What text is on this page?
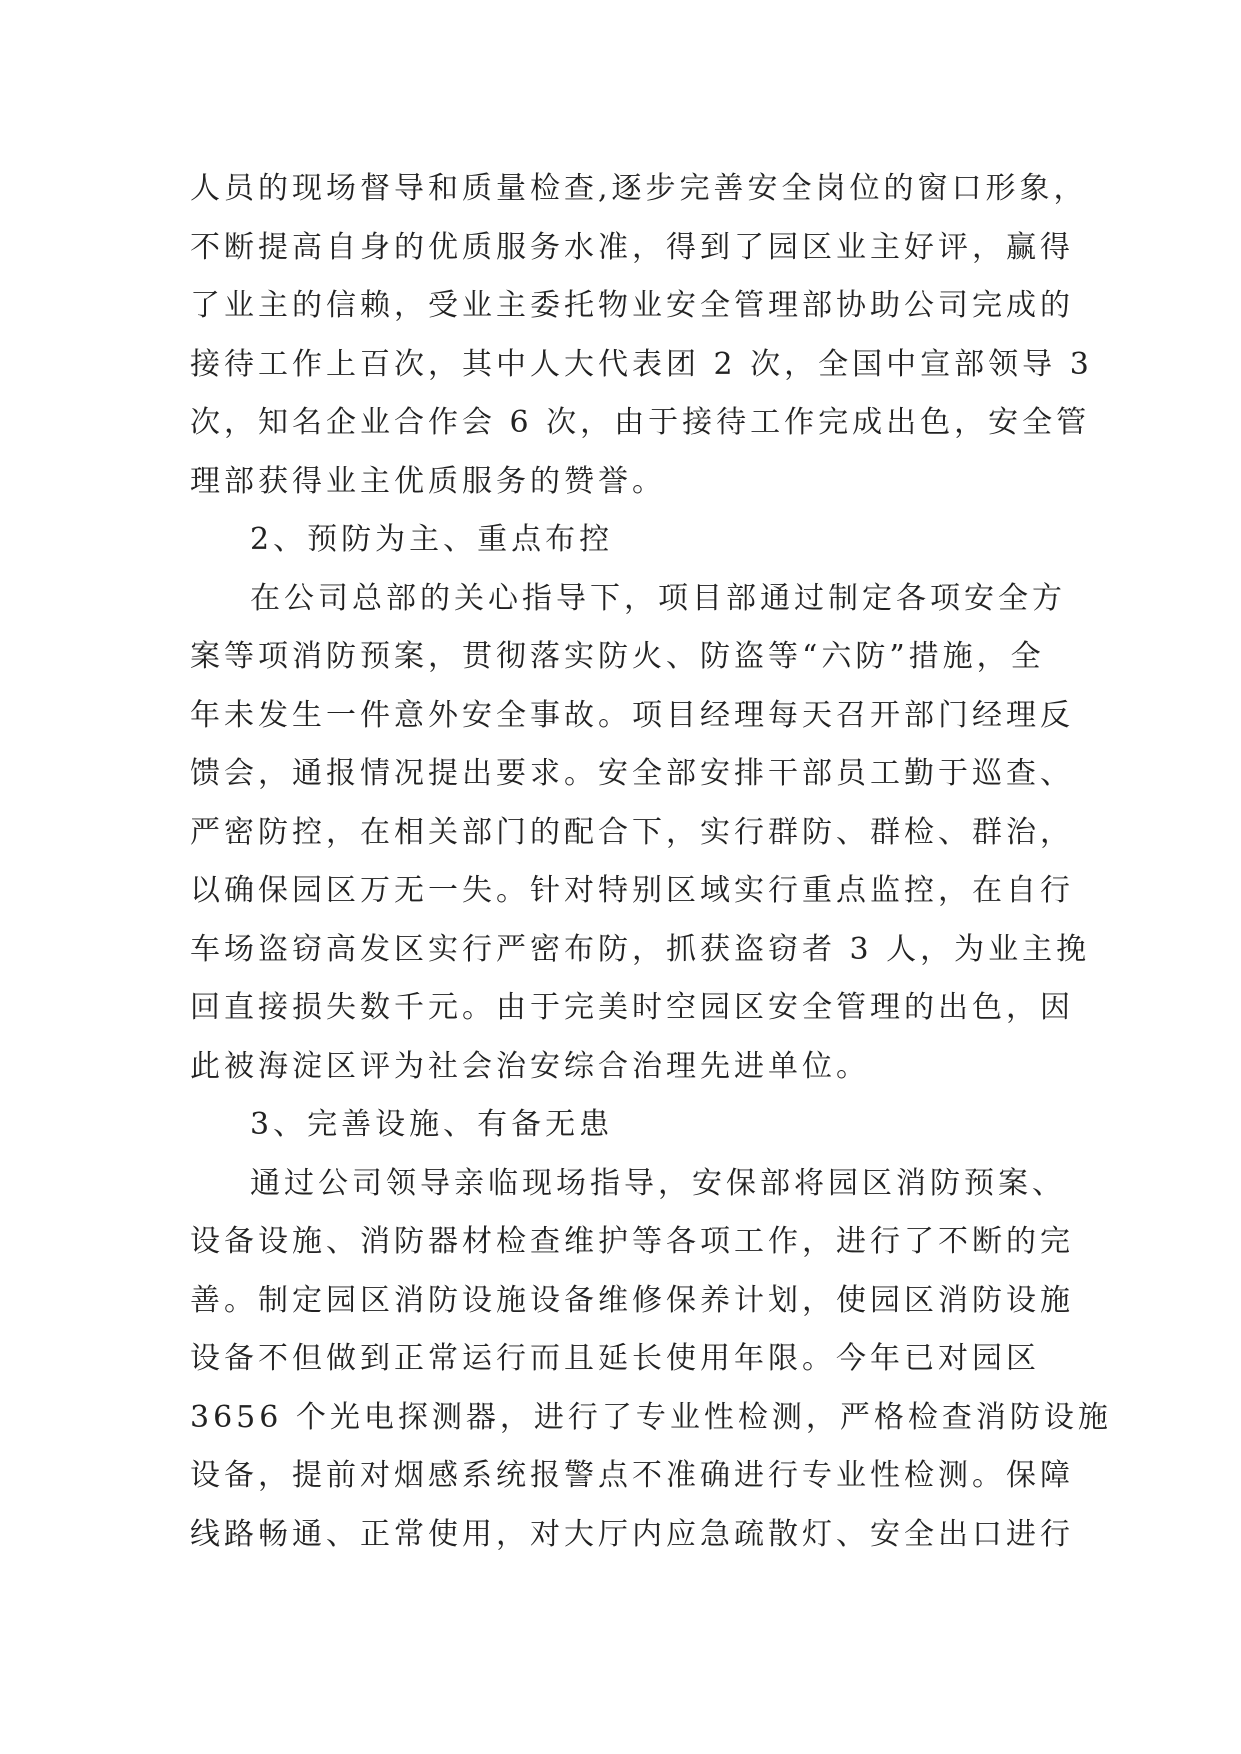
人员的现场督导和质量检查,逐步完善安全岗位的窗口形象，
不断提高自身的优质服务水准，得到了园区业主好评，赢得
了业主的信赖，受业主委托物业安全管理部协助公司完成的
接待工作上百次，其中人大代表团 2 次，全国中宣部领导 3
次，知名企业合作会 6 次，由于接待工作完成出色，安全管
理部获得业主优质服务的赞誉。
2、预防为主、重点布控
在公司总部的关心指导下，项目部通过制定各项安全方
案等项消防预案，贯彻落实防火、防盗等“六防”措施，全
年未发生一件意外安全事故。项目经理每天召开部门经理反
馈会，通报情况提出要求。安全部安排干部员工勤于巡查、
严密防控，在相关部门的配合下，实行群防、群检、群治，
以确保园区万无一失。针对特别区域实行重点监控，在自行
车场盗窃高发区实行严密布防，抓获盗窃者 3 人，为业主挽
回直接损失数千元。由于完美时空园区安全管理的出色，因
此被海淀区评为社会治安综合治理先进单位。
3、完善设施、有备无患
通过公司领导亲临现场指导，安保部将园区消防预案、
设备设施、消防器材检查维护等各项工作，进行了不断的完
善。制定园区消防设施设备维修保养计划，使园区消防设施
设备不但做到正常运行而且延长使用年限。今年已对园区
3656 个光电探测器，进行了专业性检测，严格检查消防设施
设备，提前对烟感系统报警点不准确进行专业性检测。保障
线路畅通、正常使用，对大厅内应急疏散灯、安全出口进行
